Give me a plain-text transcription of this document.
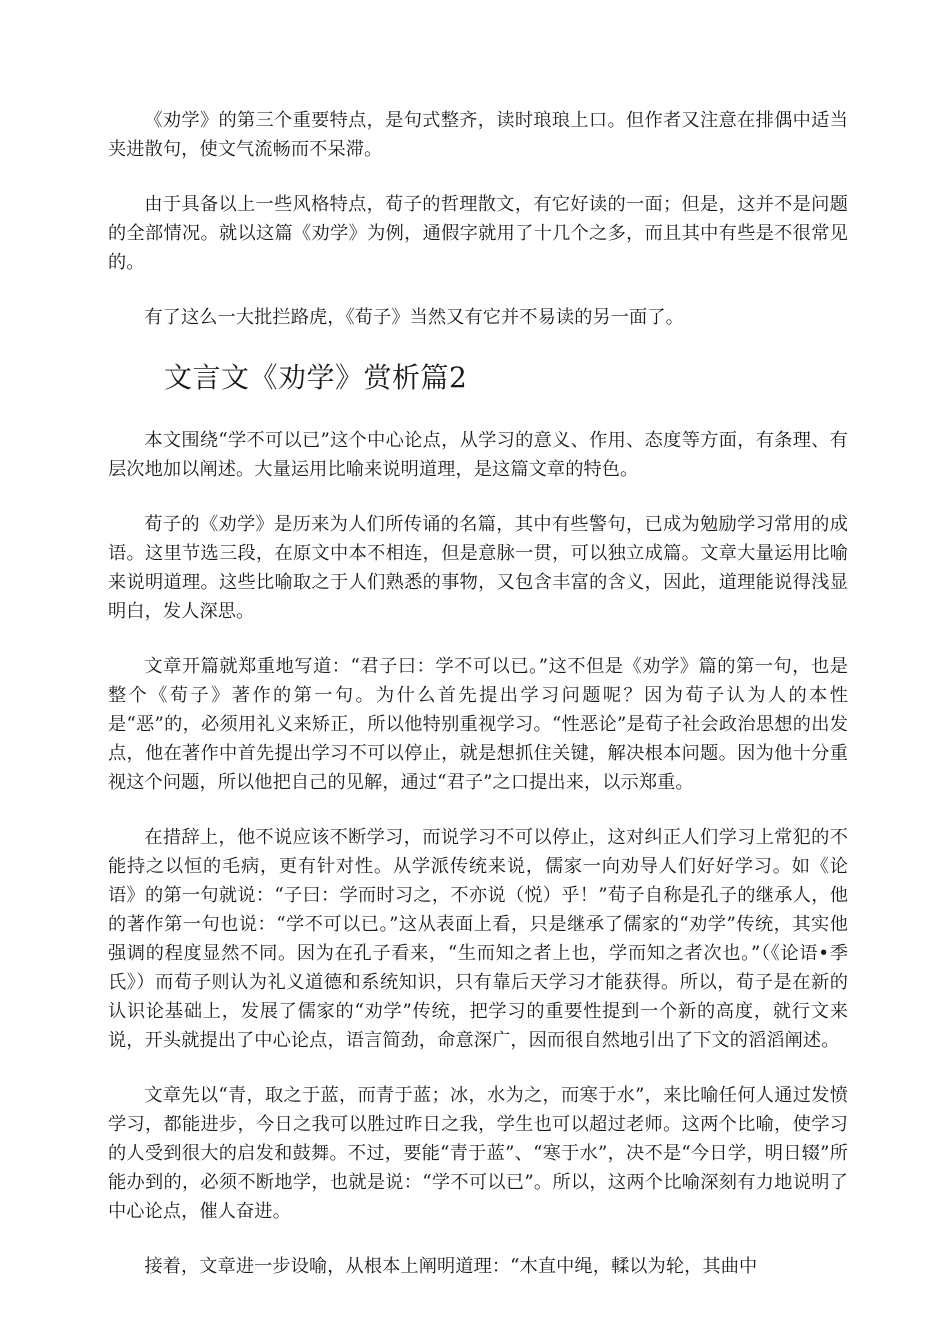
《劝学》的第三个重要特点，是句式整齐，读时琅琅上口。但作者又注意在排偶中适当夹进散句，使文气流畅而不呆滞。

由于具备以上一些风格特点，荀子的哲理散文，有它好读的一面；但是，这并不是问题的全部情况。就以这篇《劝学》为例，通假字就用了十几个之多，而且其中有些是不很常见的。

有了这么一大批拦路虎，《荀子》当然又有它并不易读的另一面了。

文言文《劝学》赏析篇2

本文围绕“学不可以已”这个中心论点，从学习的意义、作用、态度等方面，有条理、有层次地加以阐述。大量运用比喻来说明道理，是这篇文章的特色。

荀子的《劝学》是历来为人们所传诵的名篇，其中有些警句，已成为勉励学习常用的成语。这里节选三段，在原文中本不相连，但是意脉一贯，可以独立成篇。文章大量运用比喻来说明道理。这些比喻取之于人们熟悉的事物，又包含丰富的含义，因此，道理能说得浅显明白，发人深思。

文章开篇就郑重地写道：“君子曰：学不可以已。”这不但是《劝学》篇的第一句，也是整个《荀子》著作的第一句。为什么首先提出学习问题呢？因为荀子认为人的本性是“恶”的，必须用礼义来矫正，所以他特别重视学习。“性恶论”是荀子社会政治思想的出发点，他在著作中首先提出学习不可以停止，就是想抓住关键，解决根本问题。因为他十分重视这个问题，所以他把自己的见解，通过“君子”之口提出来，以示郑重。

在措辞上，他不说应该不断学习，而说学习不可以停止，这对纠正人们学习上常犯的不能持之以恒的毛病，更有针对性。从学派传统来说，儒家一向劝导人们好好学习。如《论语》的第一句就说：“子曰：学而时习之，不亦说（悦）乎！”荀子自称是孔子的继承人，他的著作第一句也说：“学不可以已。”这从表面上看，只是继承了儒家的“劝学”传统，其实他强调的程度显然不同。因为在孔子看来，“生而知之者上也，学而知之者次也。”（《论语•季氏》）而荀子则认为礼义道德和系统知识，只有靠后天学习才能获得。所以，荀子是在新的认识论基础上，发展了儒家的“劝学”传统，把学习的重要性提到一个新的高度，就行文来说，开头就提出了中心论点，语言简劲，命意深广，因而很自然地引出了下文的滔滔阐述。

文章先以“青，取之于蓝，而青于蓝；冰，水为之，而寒于水”，来比喻任何人通过发愤学习，都能进步，今日之我可以胜过昨日之我，学生也可以超过老师。这两个比喻，使学习的人受到很大的启发和鼓舞。不过，要能“青于蓝”、“寒于水”，决不是“今日学，明日辍”所能办到的，必须不断地学，也就是说：“学不可以已”。所以，这两个比喻深刻有力地说明了中心论点，催人奋进。

接着，文章进一步设喻，从根本上阐明道理：“木直中绳，輮以为轮，其曲中
